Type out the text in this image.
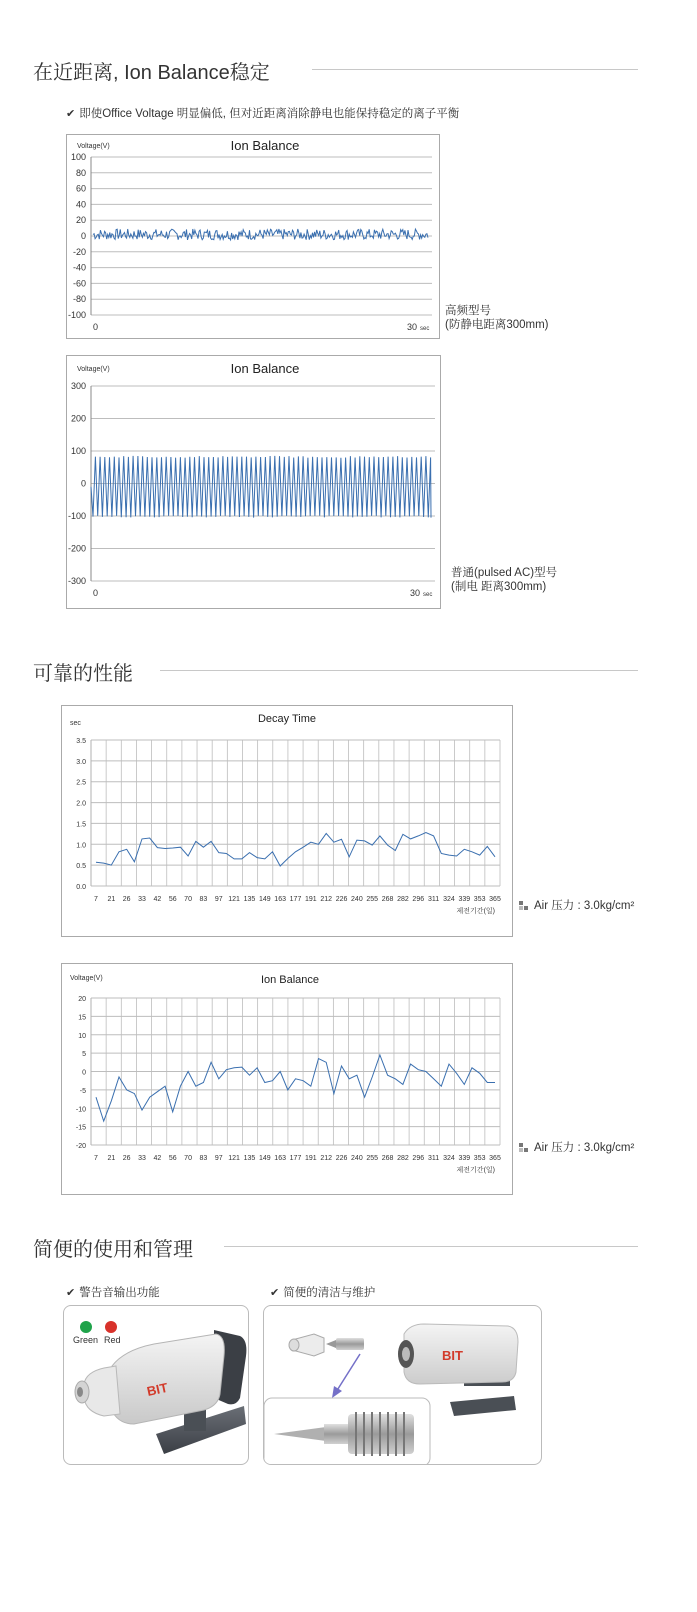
在近距离, Ion Balance稳定
✔ 即使Office Voltage 明显偏低, 但对近距离消除静电也能保持稳定的离子平衡
Ion Balance
Voltage(V)
100
80
60
40
20
0
-20
-40
-60
-80
-100
0	30 sec
高频型号
(防静电距离300mm)
Ion Balance
Voltage(V)
300
200
100
0
-100
-200
-300
0	30 sec
普通(pulsed AC)型号
(制电 距离300mm)
可靠的性能
Decay Time
sec
3.5
3.0
2.5
2.0
1.5
1.0
0.5
0.0
7 21 26 33 42 56 70 83 97 121 135 149 163 177 191 212 226 240 255 268 282 296 311 324 339 353 365
제전기간(일)	Air 压力 : 3.0kg/cm²
Ion Balance
Voltage(V)
20
15
10
5
0
-5
-10
-15
-20
7 21 26 33 42 56 70 83 97 121 135 149 163 177 191 212 226 240 255 268 282 296 311 324 339 353 365
제전기간(일)
Air 压力 : 3.0kg/cm²
简便的使用和管理
✔ 警告音输出功能	✔ 简便的清洁与维护
Green Red
BIT
BIT
